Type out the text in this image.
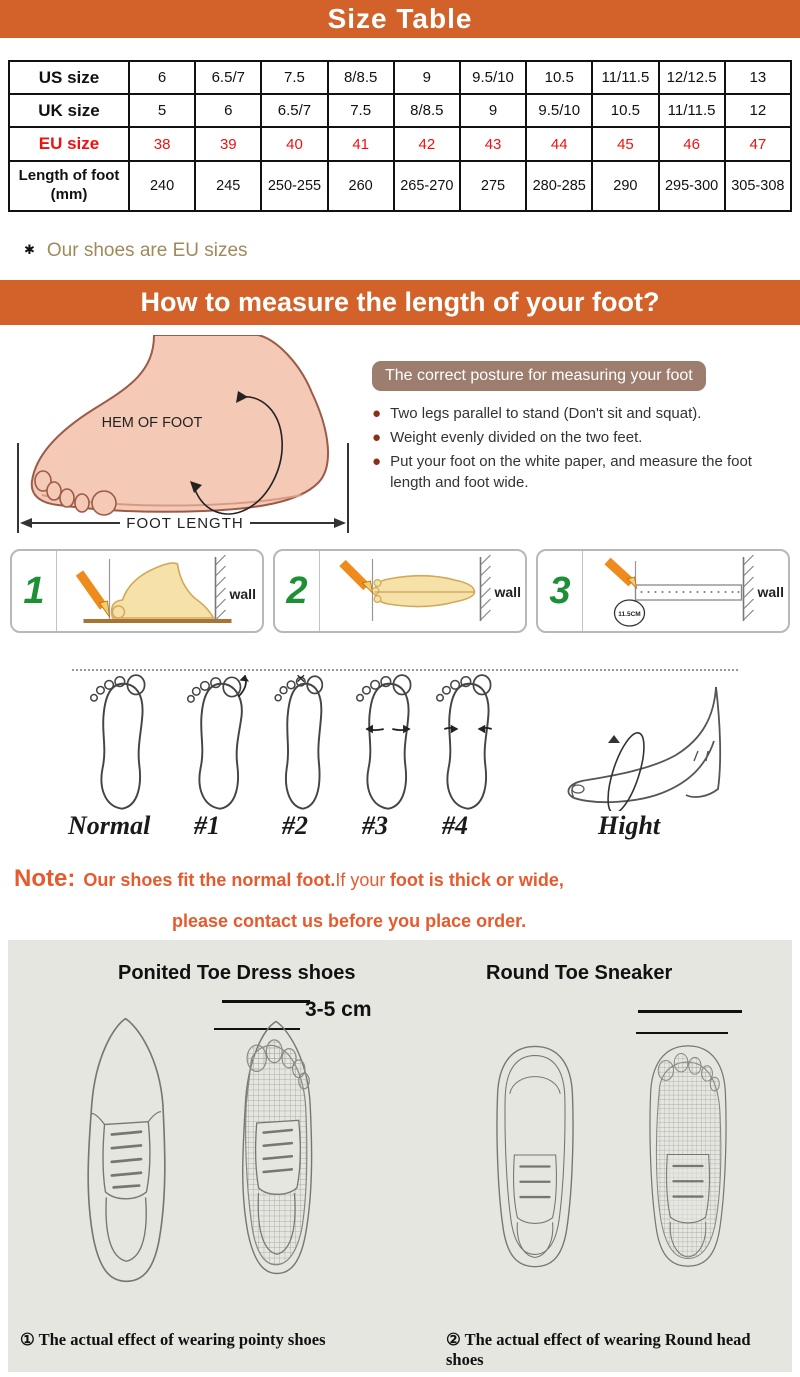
Size Table
US size	6	6.5/7	7.5	8/8.5	9	9.5/10	10.5	11/11.5	12/12.5	13
UK size	5	6	6.5/7	7.5	8/8.5	9	9.5/10	10.5	11/11.5	12
EU size	38	39	40	41	42	43	44	45	46	47
Length of foot (mm)	240	245	250-255	260	265-270	275	280-285	290	295-300	305-308
✱ Our shoes are EU sizes
How to measure the length of your foot?
HEM OF FOOT
FOOT LENGTH
The correct posture for measuring your foot
● Two legs parallel to stand (Don't sit and squat).
● Weight evenly divided on the two feet.
● Put your foot on the white paper, and measure the foot length and foot wide.
1	wall 2	wall 3
11.5CM
wall
Normal #1 #2 #3 #4	Hight
Note: Our shoes fit the normal foot.If your foot is thick or wide,
please contact us before you place order.
Ponited Toe Dress shoes	Round Toe Sneaker
3-5 cm
① The actual effect of wearing pointy shoes	② The actual effect of wearing Round head shoes
